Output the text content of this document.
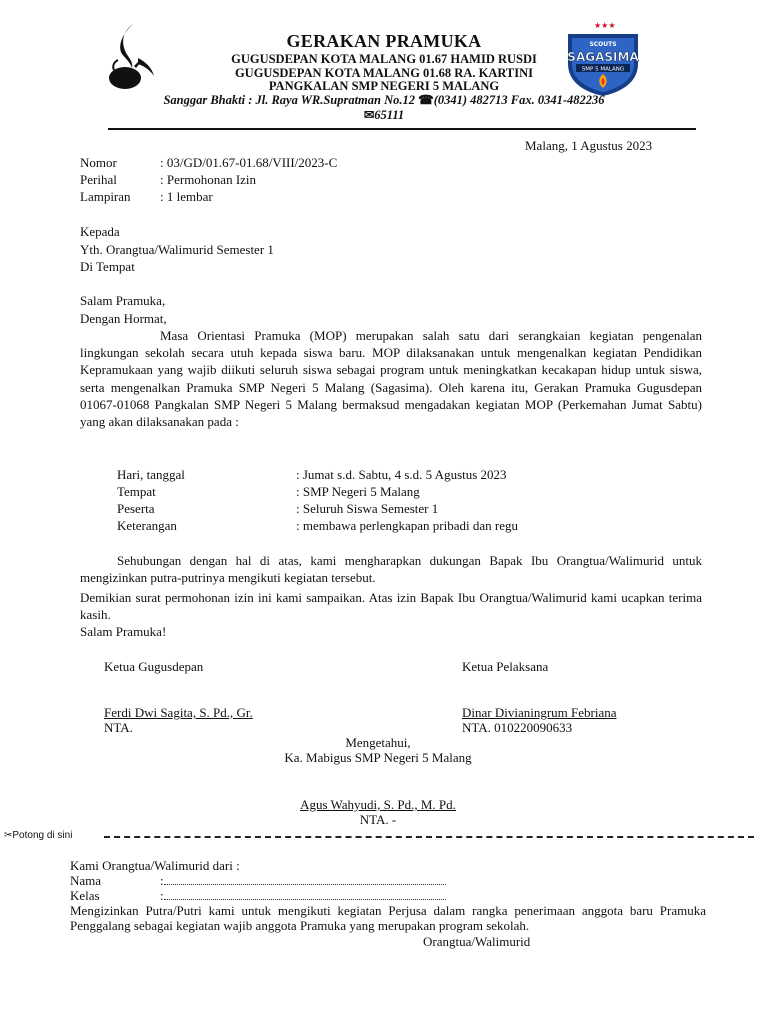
★★★
SCOUTS
SAGASIMA
SMP 5 MALANG
GERAKAN PRAMUKA
GUGUSDEPAN KOTA MALANG 01.67 HAMID RUSDI
GUGUSDEPAN KOTA MALANG 01.68 RA. KARTINI
PANGKALAN SMP NEGERI 5 MALANG
Sanggar Bhakti : Jl. Raya WR.Supratman No.12 ☎(0341) 482713 Fax. 0341-482236
✉65111
Malang, 1 Agustus 2023
Nomor	: 03/GD/01.67-01.68/VIII/2023-C
Perihal	: Permohonan Izin
Lampiran : 1 lembar
Kepada
Yth. Orangtua/Walimurid Semester 1
Di Tempat
Salam Pramuka,
Dengan Hormat,
Masa Orientasi Pramuka (MOP) merupakan salah satu dari serangkaian kegiatan pengenalan lingkungan sekolah secara utuh kepada siswa baru. MOP dilaksanakan untuk mengenalkan kegiatan Pendidikan Kepramukaan yang wajib diikuti seluruh siswa sebagai program untuk meningkatkan kecakapan hidup untuk siswa, serta mengenalkan Pramuka SMP Negeri 5 Malang (Sagasima). Oleh karena itu, Gerakan Pramuka Gugusdepan 01067-01068 Pangkalan SMP Negeri 5 Malang bermaksud mengadakan kegiatan MOP (Perkemahan Jumat Sabtu) yang akan dilaksanakan pada :
Hari, tanggal	: Jumat s.d. Sabtu, 4 s.d. 5 Agustus 2023
Tempat	: SMP Negeri 5 Malang
Peserta	: Seluruh Siswa Semester 1
Keterangan	: membawa perlengkapan pribadi dan regu
Sehubungan dengan hal di atas, kami mengharapkan dukungan Bapak Ibu Orangtua/Walimurid untuk mengizinkan putra-putrinya mengikuti kegiatan tersebut.
Demikian surat permohonan izin ini kami sampaikan. Atas izin Bapak Ibu Orangtua/Walimurid kami ucapkan terima kasih.
Salam Pramuka!
Ketua Gugusdepan
Ferdi Dwi Sagita, S. Pd., Gr.
NTA.
Ketua Pelaksana
Dinar Divianingrum Febriana
NTA. 010220090633
Mengetahui,
Ka. Mabigus SMP Negeri 5 Malang
Agus Wahyudi, S. Pd., M. Pd.
NTA. -
✂Potong di sini
Kami Orangtua/Walimurid dari :
Nama	:
Kelas	:
Mengizinkan Putra/Putri kami untuk mengikuti kegiatan Perjusa dalam rangka penerimaan anggota baru Pramuka Penggalang sebagai kegiatan wajib anggota Pramuka yang merupakan program sekolah.
Orangtua/Walimurid
